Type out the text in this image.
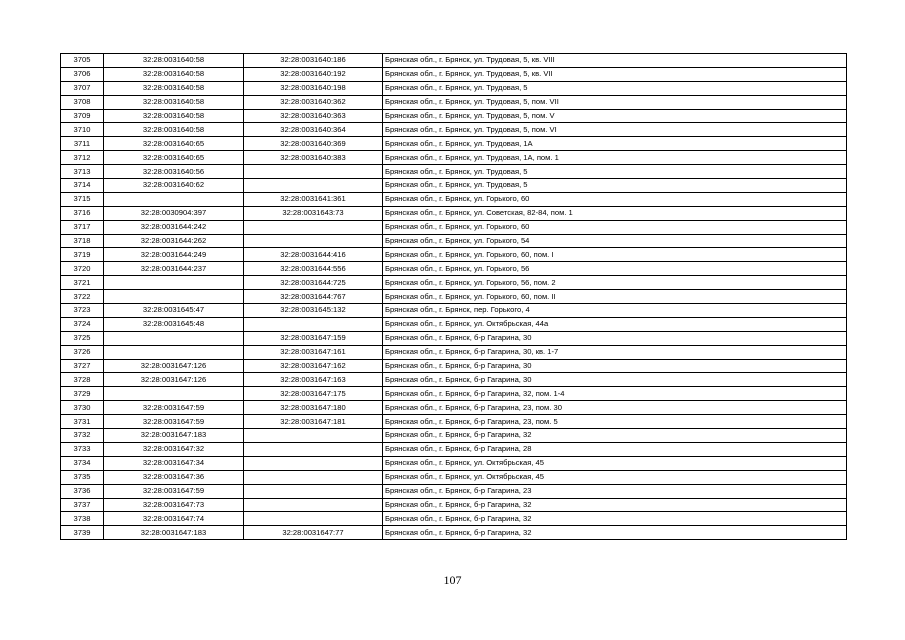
3705	32:28:0031640:58	32:28:0031640:186	Брянская обл., г. Брянск, ул. Трудовая, 5, кв. VIII
3706	32:28:0031640:58	32:28:0031640:192	Брянская обл., г. Брянск, ул. Трудовая, 5, кв. VII
3707	32:28:0031640:58	32:28:0031640:198	Брянская обл., г. Брянск, ул. Трудовая, 5
3708	32:28:0031640:58	32:28:0031640:362	Брянская обл., г. Брянск, ул. Трудовая, 5, пом. VII
3709	32:28:0031640:58	32:28:0031640:363	Брянская обл., г. Брянск, ул. Трудовая, 5, пом. V
3710	32:28:0031640:58	32:28:0031640:364	Брянская обл., г. Брянск, ул. Трудовая, 5, пом. VI
3711	32:28:0031640:65	32:28:0031640:369	Брянская обл., г. Брянск, ул. Трудовая, 1А
3712	32:28:0031640:65	32:28:0031640:383	Брянская обл., г. Брянск, ул. Трудовая, 1А, пом. 1
3713	32:28:0031640:56		Брянская обл., г. Брянск, ул. Трудовая, 5
3714	32:28:0031640:62		Брянская обл., г. Брянск, ул. Трудовая, 5
3715		32:28:0031641:361	Брянская обл., г. Брянск, ул. Горького, 60
3716	32:28:0030904:397	32:28:0031643:73	Брянская обл., г. Брянск, ул. Советская, 82-84, пом. 1
3717	32:28:0031644:242		Брянская обл., г. Брянск, ул. Горького, 60
3718	32:28:0031644:262		Брянская обл., г. Брянск, ул. Горького, 54
3719	32:28:0031644:249	32:28:0031644:416	Брянская обл., г. Брянск, ул. Горького, 60, пом. I
3720	32:28:0031644:237	32:28:0031644:556	Брянская обл., г. Брянск, ул. Горького, 56
3721		32:28:0031644:725	Брянская обл., г. Брянск, ул. Горького, 56, пом. 2
3722		32:28:0031644:767	Брянская обл., г. Брянск, ул. Горького, 60, пом. II
3723	32:28:0031645:47	32:28:0031645:132	Брянская обл., г. Брянск, пер. Горького, 4
3724	32:28:0031645:48		Брянская обл., г. Брянск, ул. Октябрьская, 44а
3725		32:28:0031647:159	Брянская обл., г. Брянск, б-р Гагарина, 30
3726		32:28:0031647:161	Брянская обл., г. Брянск, б-р Гагарина, 30, кв. 1-7
3727	32:28:0031647:126	32:28:0031647:162	Брянская обл., г. Брянск, б-р Гагарина, 30
3728	32:28:0031647:126	32:28:0031647:163	Брянская обл., г. Брянск, б-р Гагарина, 30
3729		32:28:0031647:175	Брянская обл., г. Брянск, б-р Гагарина, 32, пом. 1-4
3730	32:28:0031647:59	32:28:0031647:180	Брянская обл., г. Брянск, б-р Гагарина, 23, пом. 30
3731	32:28:0031647:59	32:28:0031647:181	Брянская обл., г. Брянск, б-р Гагарина, 23, пом. 5
3732	32:28:0031647:183		Брянская обл., г. Брянск, б-р Гагарина, 32
3733	32:28:0031647:32		Брянская обл., г. Брянск, б-р Гагарина, 28
3734	32:28:0031647:34		Брянская обл., г. Брянск, ул. Октябрьская, 45
3735	32:28:0031647:36		Брянская обл., г. Брянск, ул. Октябрьская, 45
3736	32:28:0031647:59		Брянская обл., г. Брянск, б-р Гагарина, 23
3737	32:28:0031647:73		Брянская обл., г. Брянск, б-р Гагарина, 32
3738	32:28:0031647:74		Брянская обл., г. Брянск, б-р Гагарина, 32
3739	32:28:0031647:183	32:28:0031647:77	Брянская обл., г. Брянск, б-р Гагарина, 32
107
